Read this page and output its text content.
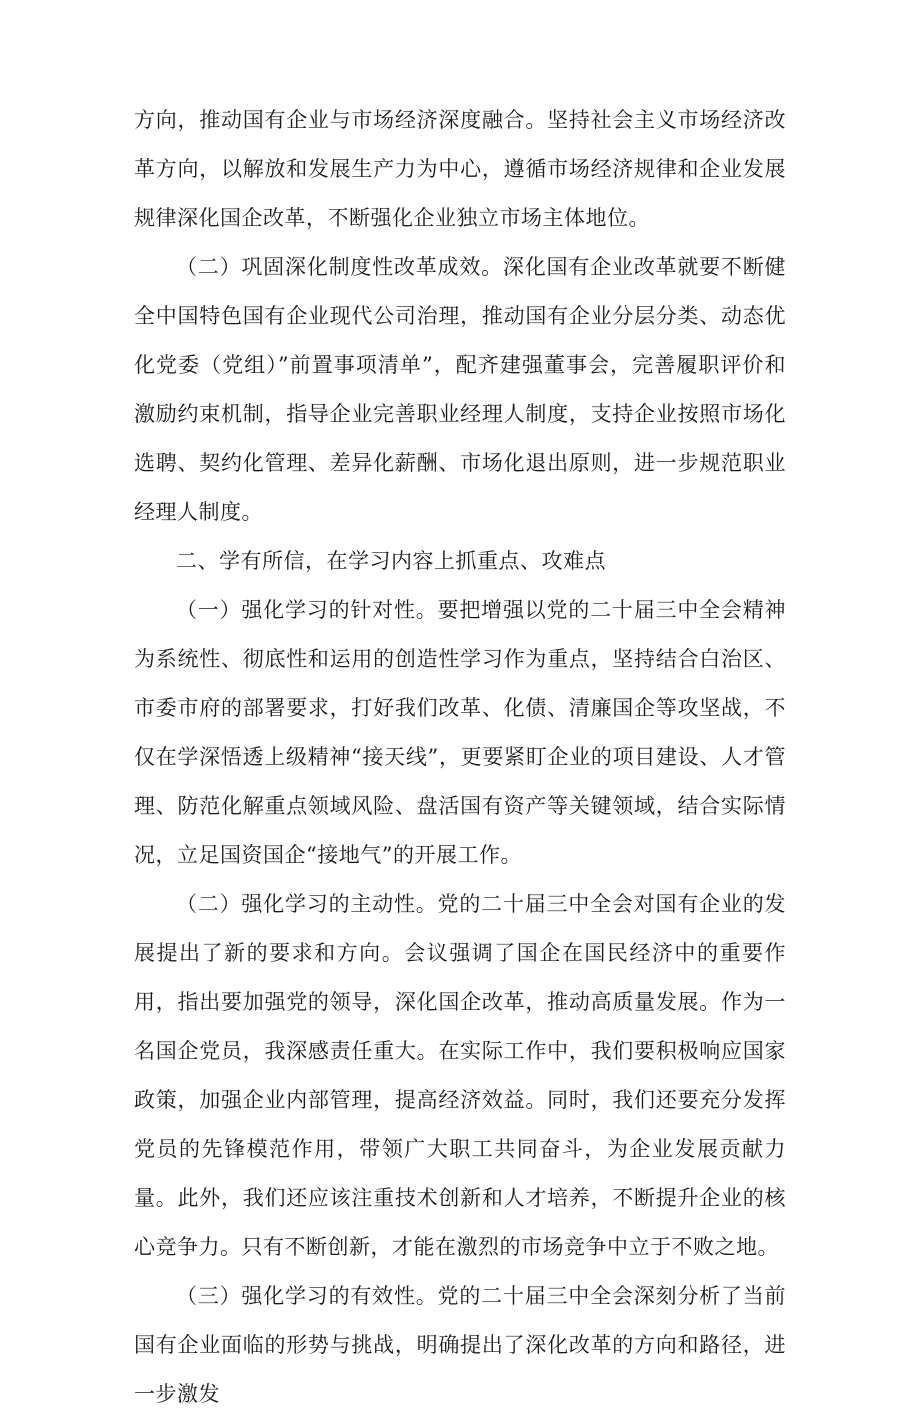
方向，推动国有企业与市场经济深度融合。坚持社会主义市场经济改革方向，以解放和发展生产力为中心，遵循市场经济规律和企业发展规律深化国企改革，不断强化企业独立市场主体地位。

（二）巩固深化制度性改革成效。深化国有企业改革就要不断健全中国特色国有企业现代公司治理，推动国有企业分层分类、动态优化党委（党组）”前置事项清单”，配齐建强董事会，完善履职评价和激励约束机制，指导企业完善职业经理人制度，支持企业按照市场化选聘、契约化管理、差异化薪酬、市场化退出原则，进一步规范职业经理人制度。

二、学有所信，在学习内容上抓重点、攻难点

（一）强化学习的针对性。要把增强以党的二十届三中全会精神为系统性、彻底性和运用的创造性学习作为重点，坚持结合白治区、市委市府的部署要求，打好我们改革、化债、清廉国企等攻坚战，不仅在学深悟透上级精神“接天线”，更要紧盯企业的项目建设、人才管理、防范化解重点领域风险、盘活国有资产等关键领域，结合实际情况，立足国资国企“接地气”的开展工作。

（二）强化学习的主动性。党的二十届三中全会对国有企业的发展提出了新的要求和方向。会议强调了国企在国民经济中的重要作用，指出要加强党的领导，深化国企改革，推动高质量发展。作为一名国企党员，我深感责任重大。在实际工作中，我们要积极响应国家政策，加强企业内部管理，提高经济效益。同时，我们还要充分发挥党员的先锋模范作用，带领广大职工共同奋斗，为企业发展贡献力量。此外，我们还应该注重技术创新和人才培养，不断提升企业的核心竞争力。只有不断创新，才能在激烈的市场竞争中立于不败之地。

（三）强化学习的有效性。党的二十届三中全会深刻分析了当前国有企业面临的形势与挑战，明确提出了深化改革的方向和路径，进一步激发
